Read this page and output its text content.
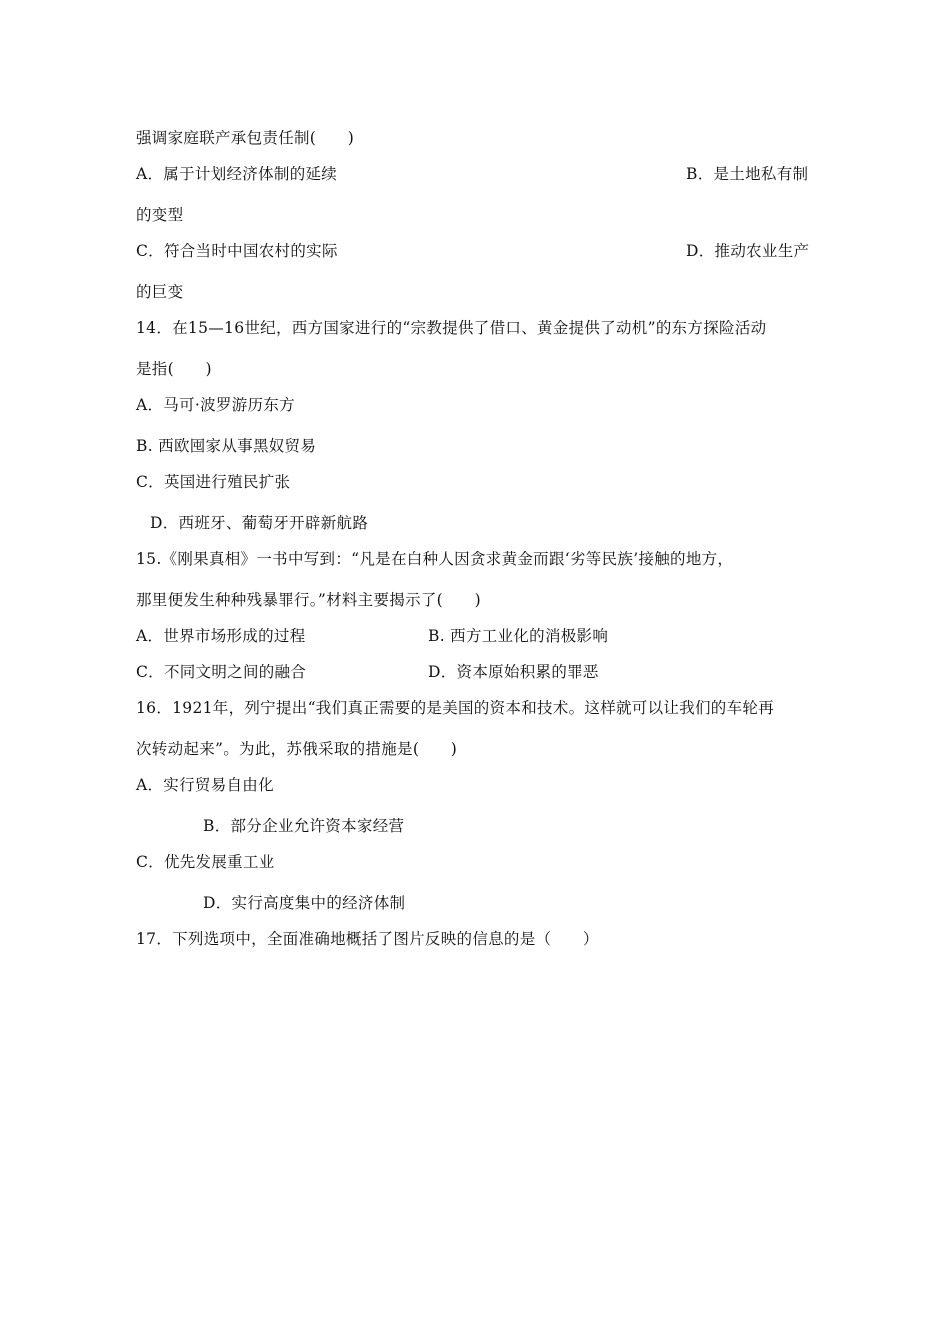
强调家庭联产承包责任制(　　)
A．属于计划经济体制的延续	B．是土地私有制
的变型
C．符合当时中国农村的实际	D．推动农业生产
的巨变
14．在15—16世纪，西方国家进行的“宗教提供了借口、黄金提供了动机”的东方探险活动
是指(　　)
A．马可·波罗游历东方
B. 西欧囤家从事黑奴贸易
C．英国进行殖民扩张
D．西班牙、葡萄牙开辟新航路
15.《刚果真相》一书中写到：“凡是在白种人因贪求黄金而跟‘劣等民族’接触的地方，
那里便发生种种残暴罪行。”材料主要揭示了(　　)
A．世界市场形成的过程	B. 西方工业化的消极影响
C．不同文明之间的融合	D．资本原始积累的罪恶
16．1921年，列宁提出“我们真正需要的是美国的资本和技术。这样就可以让我们的车轮再
次转动起来”。为此，苏俄采取的措施是(　　)
A．实行贸易自由化
B．部分企业允许资本家经营
C．优先发展重工业
D．实行高度集中的经济体制
17．下列选项中，全面准确地概括了图片反映的信息的是（　　）
